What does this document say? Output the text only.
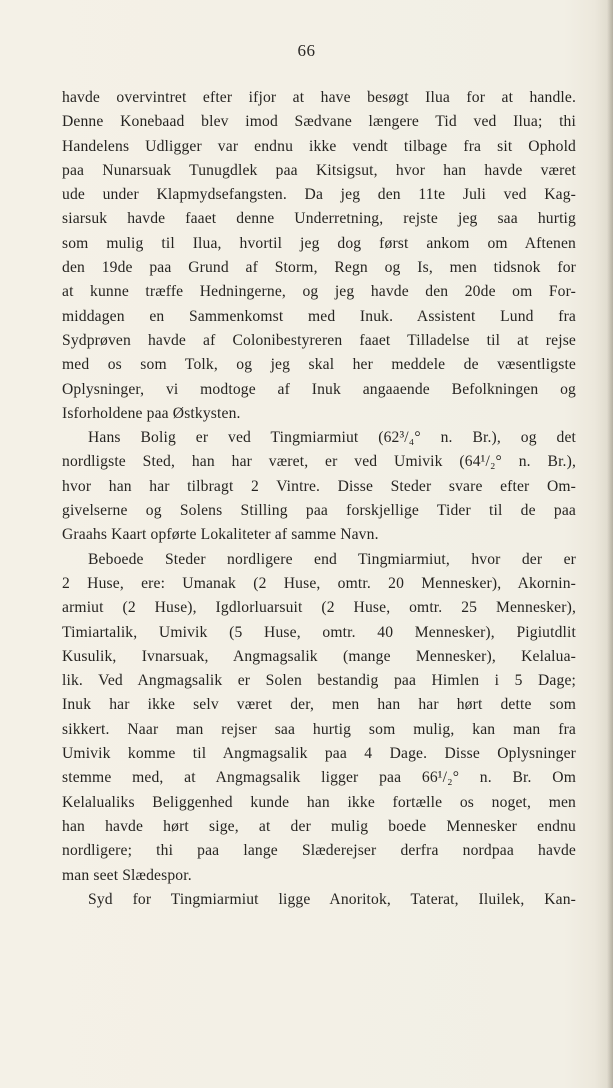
66
havde overvintret efter ifjor at have besøgt Ilua for at handle.
Denne Konebaad blev imod Sædvane længere Tid ved Ilua; thi
Handelens Udligger var endnu ikke vendt tilbage fra sit Ophold
paa Nunarsuak Tunugdlek paa Kitsigsut, hvor han havde været
ude under Klapmydsefangsten. Da jeg den 11te Juli ved Kag-
siarsuk havde faaet denne Underretning, rejste jeg saa hurtig
som mulig til Ilua, hvortil jeg dog først ankom om Aftenen
den 19de paa Grund af Storm, Regn og Is, men tidsnok for
at kunne træffe Hedningerne, og jeg havde den 20de om For-
middagen en Sammenkomst med Inuk. Assistent Lund fra
Sydprøven havde af Colonibestyreren faaet Tilladelse til at rejse
med os som Tolk, og jeg skal her meddele de væsentligste
Oplysninger, vi modtoge af Inuk angaaende Befolkningen og
Isforholdene paa Østkysten.
Hans Bolig er ved Tingmiarmiut (62³/₄° n. Br.), og det
nordligste Sted, han har været, er ved Umivik (64¹/₂° n. Br.),
hvor han har tilbragt 2 Vintre. Disse Steder svare efter Om-
givelserne og Solens Stilling paa forskjellige Tider til de paa
Graahs Kaart opførte Lokaliteter af samme Navn.
Beboede Steder nordligere end Tingmiarmiut, hvor der er
2 Huse, ere: Umanak (2 Huse, omtr. 20 Mennesker), Akornin-
armiut (2 Huse), Igdlorluarsuit (2 Huse, omtr. 25 Mennesker),
Timiartalik, Umivik (5 Huse, omtr. 40 Mennesker), Pigiutdlit
Kusulik, Ivnarsuak, Angmagsalik (mange Mennesker), Kelalua-
lik. Ved Angmagsalik er Solen bestandig paa Himlen i 5 Dage;
Inuk har ikke selv været der, men han har hørt dette som
sikkert. Naar man rejser saa hurtig som mulig, kan man fra
Umivik komme til Angmagsalik paa 4 Dage. Disse Oplysninger
stemme med, at Angmagsalik ligger paa 66¹/₂° n. Br. Om
Kelalualiks Beliggenhed kunde han ikke fortælle os noget, men
han havde hørt sige, at der mulig boede Mennesker endnu
nordligere; thi paa lange Slæderejser derfra nordpaa havde
man seet Slædespor.
Syd for Tingmiarmiut ligge Anoritok, Taterat, Iluilek, Kan-
